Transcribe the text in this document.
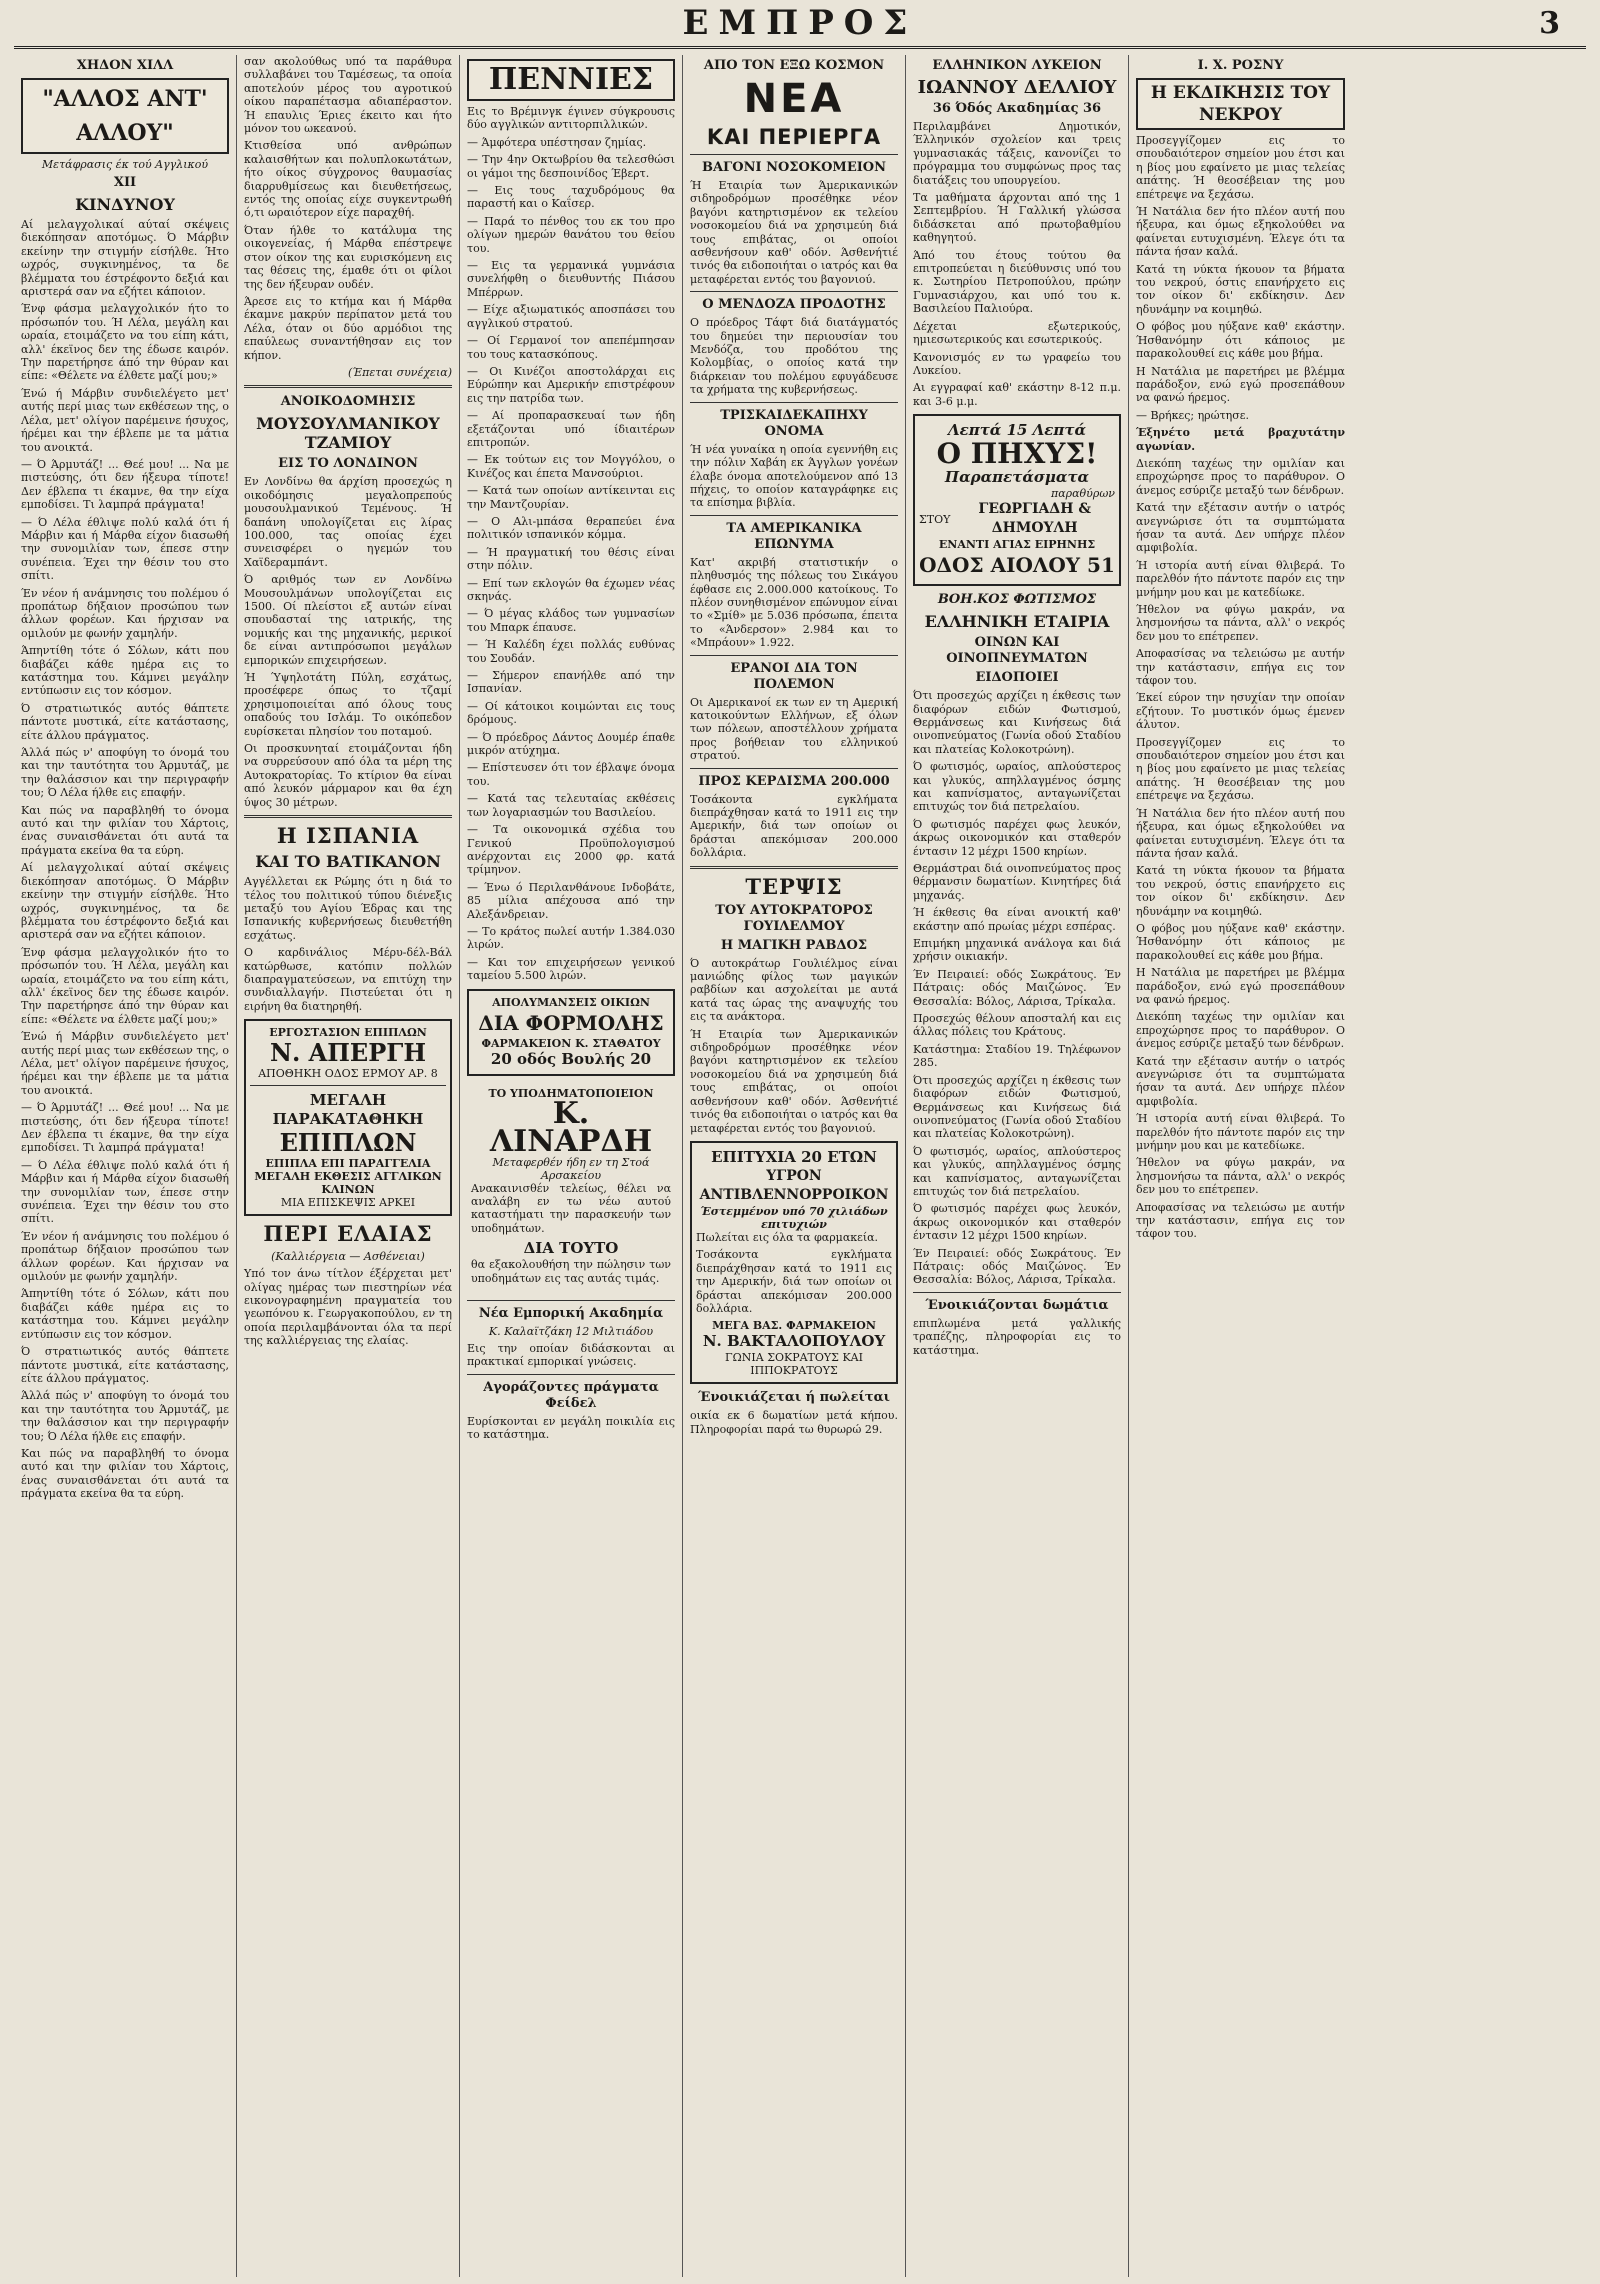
ΕΜΠΡΟΣ	3
ΧΗΔΟΝ ΧΙΛΛ
"ΑΛΛΟΣ ΑΝΤ' ΑΛΛΟΥ"
Μετάφρασις έκ τού Αγγλικού
XII
ΚΙΝΔΥΝΟΥ

Αί μελαγχολικαί αύταί σκέψεις διεκόπησαν αποτόμως. Ό Μάρβιν εκείνην την στιγμήν είσήλθε. Ήτο ωχρός, συγκινημένος, τα δε βλέμματα του έστρέφοντο δεξιά και αριστερά σαν να εζήτει κάποιον.

Ένφ φάσμα μελαγχολικόν ήτο το πρόσωπόν του. Ή Λέλα, μεγάλη και ωραία, ετοιμάζετο να του είπη κάτι, αλλ' έκεϊνος δεν της έδωσε καιρόν. Την παρετήρησε άπό την θύραν και είπε: «Θέλετε να έλθετε μαζί μου;»

Ένώ ή Μάρβιν συνδιελέγετο μετ' αυτής περί μιας των εκθέσεων της, ο Λέλα, μετ' ολίγον παρέμεινε ήσυχος, ήρέμει και την έβλεπε με τα μάτια του ανοικτά.

— Ό Άρμυτάζ! ... Θεέ μου! ... Να με πιστεύσης, ότι δεν ήξευρα τίποτε! Δεν έβλεπα τι έκαμνε, θα την είχα εμποδίσει. Τι λαμπρά πράγματα!

— Ό Λέλα έθλιψε πολύ καλά ότι ή Μάρβιν και ή Μάρθα είχον διασωθή την συνομιλίαν των, έπεσε στην συνέπεια. Έχει την θέσιν του στο σπίτι.

Έν νέον ή ανάμνησις του πολέμου ό προπάτωρ δήξαιον προσώπου των άλλων φορέων. Και ήρχισαν να ομιλούν με φωνήν χαμηλήν.

Άπηντίθη τότε ό Σόλων, κάτι που διαβάζει κάθε ημέρα εις το κατάστημα του. Κάμνει μεγάλην εντύπωσιν εις τον κόσμον.

Ό στρατιωτικός αυτός θάπτετε πάντοτε μυστικά, είτε κατάστασης, είτε άλλου πράγματος.

Άλλά πώς ν' αποφύγη το όνομά του και την ταυτότητα του Άρμυτάζ, με την θαλάσσιον και την περιγραφήν του; Ό Λέλα ήλθε εις επαφήν.

Και πώς να παραβληθή το όνομα αυτό και την φιλίαν του Χάρτοις, ένας συναισθάνεται ότι αυτά τα πράγματα εκείνα θα τα εύρη.

Αί μελαγχολικαί αύταί σκέψεις διεκόπησαν αποτόμως. Ό Μάρβιν εκείνην την στιγμήν είσήλθε. Ήτο ωχρός, συγκινημένος, τα δε βλέμματα του έστρέφοντο δεξιά και αριστερά σαν να εζήτει κάποιον.

Ένφ φάσμα μελαγχολικόν ήτο το πρόσωπόν του. Ή Λέλα, μεγάλη και ωραία, ετοιμάζετο να του είπη κάτι, αλλ' έκεϊνος δεν της έδωσε καιρόν. Την παρετήρησε άπό την θύραν και είπε: «Θέλετε να έλθετε μαζί μου;»

Ένώ ή Μάρβιν συνδιελέγετο μετ' αυτής περί μιας των εκθέσεων της, ο Λέλα, μετ' ολίγον παρέμεινε ήσυχος, ήρέμει και την έβλεπε με τα μάτια του ανοικτά.

— Ό Άρμυτάζ! ... Θεέ μου! ... Να με πιστεύσης, ότι δεν ήξευρα τίποτε! Δεν έβλεπα τι έκαμνε, θα την είχα εμποδίσει. Τι λαμπρά πράγματα!

— Ό Λέλα έθλιψε πολύ καλά ότι ή Μάρβιν και ή Μάρθα είχον διασωθή την συνομιλίαν των, έπεσε στην συνέπεια. Έχει την θέσιν του στο σπίτι.

Έν νέον ή ανάμνησις του πολέμου ό προπάτωρ δήξαιον προσώπου των άλλων φορέων. Και ήρχισαν να ομιλούν με φωνήν χαμηλήν.

Άπηντίθη τότε ό Σόλων, κάτι που διαβάζει κάθε ημέρα εις το κατάστημα του. Κάμνει μεγάλην εντύπωσιν εις τον κόσμον.

Ό στρατιωτικός αυτός θάπτετε πάντοτε μυστικά, είτε κατάστασης, είτε άλλου πράγματος.

Άλλά πώς ν' αποφύγη το όνομά του και την ταυτότητα του Άρμυτάζ, με την θαλάσσιον και την περιγραφήν του; Ό Λέλα ήλθε εις επαφήν.

Και πώς να παραβληθή το όνομα αυτό και την φιλίαν του Χάρτοις, ένας συναισθάνεται ότι αυτά τα πράγματα εκείνα θα τα εύρη.

σαν ακολούθως υπό τα παράθυρα συλλαβάνει του Ταμέσεως, τα οποία αποτελούν μέρος του αγροτικού οίκου παραπέτασμα αδιαπέραστον. Ή επαυλις Έριες έκειτο και ήτο μόνον του ωκεανού.

Κτισθείσα υπό ανθρώπων καλαισθήτων και πολυπλοκωτάτων, ήτο οίκος σύγχρονος θαυμασίας διαρρυθμίσεως και διευθετήσεως, εντός της οποίας είχε συγκεντρωθή ό,τι ωραιότερον είχε παραχθή.

Όταν ήλθε το κατάλυμα της οικογενείας, ή Μάρθα επέστρεψε στον οίκον της και ευρισκόμενη εις τας θέσεις της, έμαθε ότι οι φίλοι της δεν ήξευραν ουδέν.

Άρεσε εις το κτήμα και ή Μάρθα έκαμνε μακρύν περίπατον μετά του Λέλα, όταν οι δύο αρμόδιοι της επαύλεως συναντήθησαν εις τον κήπον.

(Έπεται συνέχεια)

ΑΝΟΙΚΟΔΟΜΗΣΙΣ
ΜΟΥΣΟΥΛΜΑΝΙΚΟΥ ΤΖΑΜΙΟΥ
ΕΙΣ ΤΟ ΛΟΝΔΙΝΟΝ

Εν Λονδίνω θα άρχίση προσεχώς η οικοδόμησις μεγαλοπρεπούς μουσουλμανικού Τεμένους. Ή δαπάνη υπολογίζεται εις λίρας 100.000, τας οποίας έχει συνεισφέρει ο ηγεμών του Χαϊδεραμπάντ.

Ό αριθμός των εν Λονδίνω Μουσουλμάνων υπολογίζεται εις 1500. Οί πλείστοι εξ αυτών είναι σπουδασταί της ιατρικής, της νομικής και της μηχανικής, μερικοί δε είναι αντιπρόσωποι μεγάλων εμπορικών επιχειρήσεων.

Ή Ύψηλοτάτη Πύλη, εσχάτως, προσέφερε όπως το τζαμί χρησιμοποιείται από όλους τους οπαδούς του Ισλάμ. Το οικόπεδον ευρίσκεται πλησίον του ποταμού.

Οι προσκυνηταί ετοιμάζονται ήδη να συρρεύσουν από όλα τα μέρη της Αυτοκρατορίας. Το κτίριον θα είναι από λευκόν μάρμαρον και θα έχη ύψος 30 μέτρων.

Η ΙΣΠΑΝΙΑ
ΚΑΙ ΤΟ ΒΑΤΙΚΑΝΟΝ

Αγγέλλεται εκ Ρώμης ότι η διά το τέλος του πολιτικού τύπου διένεξις μεταξύ του Αγίου Έδρας και της Ισπανικής κυβερνήσεως διευθετήθη εσχάτως.

Ο καρδινάλιος Μέρυ-δέλ-Βάλ κατώρθωσε, κατόπιν πολλών διαπραγματεύσεων, να επιτύχη την συνδιαλλαγήν. Πιστεύεται ότι η ειρήνη θα διατηρηθή.

ΕΡΓΟΣΤΑΣΙΟΝ ΕΠΙΠΛΩΝ
Ν. ΑΠΕΡΓΗ
ΑΠΟΘΗΚΗ ΟΔΟΣ ΕΡΜΟΥ ΑΡ. 8
ΜΕΓΑΛΗ ΠΑΡΑΚΑΤΑΘΗΚΗ
ΕΠΙΠΛΩΝ
ΕΠΙΠΛΑ ΕΠΙ ΠΑΡΑΓΓΕΛΙΑ
ΜΕΓΑΛΗ ΕΚΘΕΣΙΣ ΑΓΓΛΙΚΩΝ ΚΛΙΝΩΝ
ΜΙΑ ΕΠΙΣΚΕΨΙΣ ΑΡΚΕΙ
ΠΕΡΙ ΕΛΑΙΑΣ
(Καλλιέργεια — Ασθένειαι)

Υπό τον άνω τίτλον έξέρχεται μετ' ολίγας ημέρας των πιεστηρίων νέα εικονογραφημένη πραγματεία του γεωπόνου κ. Γεωργακοπούλου, εν τη οποία περιλαμβάνονται όλα τα περί της καλλιέργειας της ελαίας.

ΠΕΝΝΙΕΣ

Εις το Βρέμινγκ έγινεν σύγκρουσις δύο αγγλικών αντιτορπιλλικών.

— Άμφότερα υπέστησαν ζημίας.

— Την 4ην Οκτωβρίου θα τελεσθώσι οι γάμοι της δεσποινίδος Έβερτ.

— Εις τους ταχυδρόμους θα παραστή και ο Καΐσερ.

— Παρά το πένθος του εκ του προ ολίγων ημερών θανάτου του θείου του.

— Εις τα γερμανικά γυμνάσια συνελήφθη ο διευθυντής Πιάσου Μπέρρων.

— Είχε αξιωματικός αποσπάσει του αγγλικού στρατού.

— Οί Γερμανοί τον απεπέμπησαν του τους κατασκόπους.

— Οι Κινέζοι αποστολάρχαι εις Εύρώπην και Αμερικήν επιστρέφουν εις την πατρίδα των.

— Αί προπαρασκευαί των ήδη εξετάζονται υπό ίδιαιτέρων επιτροπών.

— Εκ τούτων εις τον Μογγόλου, ο Κινέζος και έπετα Μανσούριοι.

— Κατά των οποίων αντίκεινται εις την Μαντζουρίαν.

— Ο Αλι-μπάσα θεραπεύει ένα πολιτικόν ισπανικόν κόμμα.

— Ή πραγματική του θέσις είναι στην πόλιν.

— Επί των εκλογών θα έχωμεν νέας σκηνάς.

— Ό μέγας κλάδος των γυμνασίων του Μπαρκ έπαυσε.

— Ή Καλέδη έχει πολλάς ευθύνας του Σουδάν.

— Σήμερον επανήλθε από την Ισπανίαν.

— Οί κάτοικοι κοιμώνται εις τους δρόμους.

— Ό πρόεδρος Δάντος Δουμέρ έπαθε μικρόν ατύχημα.

— Επίστευσεν ότι τον έβλαψε όνομα του.

— Κατά τας τελευταίας εκθέσεις των λογαριασμών του Βασιλείου.

— Τα οικονομικά σχέδια του Γενικού Προϋπολογισμού ανέρχονται εις 2000 φρ. κατά τρίμηνον.

— Ένω ό Περιλανθάνουε Ινδοβάτε, 85 μίλια απέχουσα από την Αλεξάνδρειαν.

— Το κράτος πωλεί αυτήν 1.384.030 λιρών.

— Και τον επιχειρήσεων γενικού ταμείου 5.500 λιρών.

ΑΠΟΛΥΜΑΝΣΕΙΣ ΟΙΚΙΩΝ
ΔΙΑ ΦΟΡΜΟΛΗΣ
ΦΑΡΜΑΚΕΙΟΝ Κ. ΣΤΑΘΑΤΟΥ
20 οδός Βουλής 20
ΤΟ ΥΠΟΔΗΜΑΤΟΠΟΙΕΙΟΝ
Κ. ΛΙΝΑΡΔΗ
Μεταφερθέν ήδη εν τη Στοά Αρσακείου

Ανακαινισθέν τελείως, θέλει να αναλάβη εν τω νέω αυτού καταστήματι την παρασκευήν των υποδημάτων.

ΔΙΑ ΤΟΥΤΟ

θα εξακολουθήση την πώλησιν των υποδημάτων εις τας αυτάς τιμάς.

Νέα Εμπορική Ακαδημία
Κ. Καλαϊτζάκη 12 Μιλτιάδου

Εις την οποίαν διδάσκονται αι πρακτικαί εμπορικαί γνώσεις.

Αγοράζοντες πράγματα Φείδελ

Ευρίσκονται εν μεγάλη ποικιλία εις το κατάστημα.

ΑΠΟ ΤΟΝ ΕΞΩ ΚΟΣΜΟΝ
ΝΕΑ
ΚΑΙ ΠΕΡΙΕΡΓΑ
ΒΑΓΟΝΙ ΝΟΣΟΚΟΜΕΙΟΝ

Ή Εταιρία των Άμερικανικών σιδηροδρόμων προσέθηκε νέον βαγόνι κατηρτισμένον εκ τελείου νοσοκομείου διά να χρησιμεύη διά τους επιβάτας, οι οποίοι ασθενήσουν καθ' οδόν. Άσθενήτιέ τινός θα ειδοποιήται ο ιατρός και θα μεταφέρεται εντός του βαγονιού.

Ο ΜΕΝΔΟΖΑ ΠΡΟΔΟΤΗΣ

Ο πρόεδρος Τάφτ διά διατάγματός του δημεύει την περιουσίαν του Μενδόζα, του προδότου της Κολομβίας, ο οποίος κατά την διάρκειαν του πολέμου εφυγάδευσε τα χρήματα της κυβερνήσεως.

ΤΡΙΣΚΑΙΔΕΚΑΠΗΧΥ ΟΝΟΜΑ

Ή νέα γυναίκα η οποία εγεννήθη εις την πόλιν Χαβάη εκ Άγγλων γονέων έλαβε όνομα αποτελούμενον από 13 πήχεις, το οποίον καταγράφηκε εις τα επίσημα βιβλία.

ΤΑ ΑΜΕΡΙΚΑΝΙΚΑ ΕΠΩΝΥΜΑ

Κατ' ακριβή στατιστικήν ο πληθυσμός της πόλεως του Σικάγου έφθασε εις 2.000.000 κατοίκους. Το πλέον συνηθισμένον επώνυμον είναι το «Σμίθ» με 5.036 πρόσωπα, έπειτα το «Άνδερσον» 2.984 και το «Μπράουν» 1.922.

ΕΡΑΝΟΙ ΔΙΑ ΤΟΝ ΠΟΛΕΜΟΝ

Οι Αμερικανοί εκ των εν τη Αμερική κατοικούντων Ελλήνων, εξ όλων των πόλεων, αποστέλλουν χρήματα προς βοήθειαν του ελληνικού στρατού.

ΠΡΟΣ ΚΕΡΔΙΣΜΑ 200.000

Τοσάκοντα εγκλήματα διεπράχθησαν κατά το 1911 εις την Αμερικήν, διά των οποίων οι δράσται απεκόμισαν 200.000 δολλάρια.

ΤΕΡΨΙΣ
ΤΟΥ ΑΥΤΟΚΡΑΤΟΡΟΣ ΓΟΥΙΛΕΛΜΟΥ
Η ΜΑΓΙΚΗ ΡΑΒΔΟΣ

Ό αυτοκράτωρ Γουλιέλμος είναι μανιώδης φίλος των μαγικών ραβδίων και ασχολείται με αυτά κατά τας ώρας της αναψυχής του εις τα ανάκτορα.

Ή Εταιρία των Άμερικανικών σιδηροδρόμων προσέθηκε νέον βαγόνι κατηρτισμένον εκ τελείου νοσοκομείου διά να χρησιμεύη διά τους επιβάτας, οι οποίοι ασθενήσουν καθ' οδόν. Άσθενήτιέ τινός θα ειδοποιήται ο ιατρός και θα μεταφέρεται εντός του βαγονιού.

ΕΠΙΤΥΧΙΑ 20 ΕΤΩΝ
ΥΓΡΟΝ ΑΝΤΙΒΛΕΝΝΟΡΡΟΙΚΟΝ
Έστεμμένον υπό 70 χιλιάδων επιτυχιών

Πωλείται εις όλα τα φαρμακεία.

Τοσάκοντα εγκλήματα διεπράχθησαν κατά το 1911 εις την Αμερικήν, διά των οποίων οι δράσται απεκόμισαν 200.000 δολλάρια.

ΜΕΓΑ ΒΑΣ. ΦΑΡΜΑΚΕΙΟΝ
Ν. ΒΑΚΤΑΛΟΠΟΥΛΟΥ
ΓΩΝΙΑ ΣΟΚΡΑΤΟΥΣ ΚΑΙ ΙΠΠΟΚΡΑΤΟΥΣ
Ένοικιάζεται ή πωλείται

οικία εκ 6 δωματίων μετά κήπου. Πληροφορίαι παρά τω θυρωρώ 29.

ΕΛΛΗΝΙΚΟΝ ΛΥΚΕΙΟΝ
ΙΩΑΝΝΟΥ ΔΕΛΛΙΟΥ
36 Όδός Ακαδημίας 36

Περιλαμβάνει Δημοτικόν, Έλληνικόν σχολείον και τρεις γυμνασιακάς τάξεις, κανονίζει το πρόγραμμα του συμφώνως προς τας διατάξεις του υπουργείου.

Τα μαθήματα άρχονται από της 1 Σεπτεμβρίου. Ή Γαλλική γλώσσα διδάσκεται από πρωτοβαθμίου καθηγητού.

Άπό του έτους τούτου θα επιτροπεύεται η διεύθυνσις υπό του κ. Σωτηρίου Πετροπούλου, πρώην Γυμνασιάρχου, και υπό του κ. Βασιλείου Παλιούρα.

Δέχεται εξωτερικούς, ημιεσωτερικούς και εσωτερικούς.

Κανονισμός εν τω γραφείω του Λυκείου.

Αι εγγραφαί καθ' εκάστην 8-12 π.μ. και 3-6 μ.μ.

Λεπτά 15 Λεπτά
Ο ΠΗΧΥΣ!
Παραπετάσματα
παραθύρων
ΣΤΟΥ
ΓΕΩΡΓΙΑΔΗ & ΔΗΜΟΥΛΗ
ΕΝΑΝΤΙ ΑΓΙΑΣ ΕΙΡΗΝΗΣ
ΟΔΟΣ ΑΙΟΛΟΥ 51
ΒΟΗ.ΚΟΣ ΦΩΤΙΣΜΟΣ
ΕΛΛΗΝΙΚΗ ΕΤΑΙΡΙΑ
ΟΙΝΩΝ ΚΑΙ ΟΙΝΟΠΝΕΥΜΑΤΩΝ
ΕΙΔΟΠΟΙΕΙ

Ότι προσεχώς αρχίζει η έκθεσις των διαφόρων ειδών Φωτισμού, Θερμάνσεως και Κινήσεως διά οινοπνεύματος (Γωνία οδού Σταδίου και πλατείας Κολοκοτρώνη).

Ό φωτισμός, ωραίος, απλούστερος και γλυκύς, απηλλαγμένος όσμης και καπνίσματος, ανταγωνίζεται επιτυχώς τον διά πετρελαίου.

Ό φωτισμός παρέχει φως λευκόν, άκρως οικονομικόν και σταθερόν έντασιν 12 μέχρι 1500 κηρίων.

Θερμάστραι διά οινοπνεύματος προς θέρμανσιν δωματίων. Κινητήρες διά μηχανάς.

Ή έκθεσις θα είναι ανοικτή καθ' εκάστην από πρωίας μέχρι εσπέρας.

Επιμήκη μηχανικά ανάλογα και διά χρήσιν οικιακήν.

Έν Πειραιεί: οδός Σωκράτους. Έν Πάτραις: οδός Μαιζώνος. Έν Θεσσαλία: Βόλος, Λάρισα, Τρίκαλα.

Προσεχώς θέλουν αποσταλή και εις άλλας πόλεις του Κράτους.

Κατάστημα: Σταδίου 19. Τηλέφωνον 285.

Ότι προσεχώς αρχίζει η έκθεσις των διαφόρων ειδών Φωτισμού, Θερμάνσεως και Κινήσεως διά οινοπνεύματος (Γωνία οδού Σταδίου και πλατείας Κολοκοτρώνη).

Ό φωτισμός, ωραίος, απλούστερος και γλυκύς, απηλλαγμένος όσμης και καπνίσματος, ανταγωνίζεται επιτυχώς τον διά πετρελαίου.

Ό φωτισμός παρέχει φως λευκόν, άκρως οικονομικόν και σταθερόν έντασιν 12 μέχρι 1500 κηρίων.

Έν Πειραιεί: οδός Σωκράτους. Έν Πάτραις: οδός Μαιζώνος. Έν Θεσσαλία: Βόλος, Λάρισα, Τρίκαλα.

Ένοικιάζονται δωμάτια

επιπλωμένα μετά γαλλικής τραπέζης, πληροφορίαι εις το κατάστημα.

Ι. Χ. ΡΟΣΝΥ
Η ΕΚΔΙΚΗΣΙΣ ΤΟΥ ΝΕΚΡΟΥ

Προσεγγίζομεν εις το σπουδαιότερον σημείον μου έτσι και η βίος μου εφαίνετο με μιας τελείας απάτης. Ή θεοσέβειαν της μου επέτρεψε να ξεχάσω.

Ή Νατάλια δεν ήτο πλέον αυτή που ήξευρα, και όμως εξηκολούθει να φαίνεται ευτυχισμένη. Έλεγε ότι τα πάντα ήσαν καλά.

Κατά τη νύκτα ήκουον τα βήματα του νεκρού, όστις επανήρχετο εις τον οίκον δι' εκδίκησιν. Δεν ηδυνάμην να κοιμηθώ.

Ο φόβος μου ηύξανε καθ' εκάστην. Ήσθανόμην ότι κάποιος με παρακολουθεί εις κάθε μου βήμα.

Η Νατάλια με παρετήρει με βλέμμα παράδοξον, ενώ εγώ προσεπάθουν να φανώ ήρεμος.

— Βρήκες; ηρώτησε.

Έξηνέτο μετά βραχυτάτην αγωνίαν.

Διεκόπη ταχέως την ομιλίαν και επροχώρησε προς το παράθυρον. Ο άνεμος εσύριζε μεταξύ των δένδρων.

Κατά την εξέτασιν αυτήν ο ιατρός ανεγνώρισε ότι τα συμπτώματα ήσαν τα αυτά. Δεν υπήρχε πλέον αμφιβολία.

Ή ιστορία αυτή είναι θλιβερά. Το παρελθόν ήτο πάντοτε παρόν εις την μνήμην μου και με κατεδίωκε.

Ήθελον να φύγω μακράν, να λησμονήσω τα πάντα, αλλ' ο νεκρός δεν μου το επέτρεπεν.

Αποφασίσας να τελειώσω με αυτήν την κατάστασιν, επήγα εις τον τάφον του.

Έκεί εύρον την ησυχίαν την οποίαν εζήτουν. Το μυστικόν όμως έμενεν άλυτον.

Προσεγγίζομεν εις το σπουδαιότερον σημείον μου έτσι και η βίος μου εφαίνετο με μιας τελείας απάτης. Ή θεοσέβειαν της μου επέτρεψε να ξεχάσω.

Ή Νατάλια δεν ήτο πλέον αυτή που ήξευρα, και όμως εξηκολούθει να φαίνεται ευτυχισμένη. Έλεγε ότι τα πάντα ήσαν καλά.

Κατά τη νύκτα ήκουον τα βήματα του νεκρού, όστις επανήρχετο εις τον οίκον δι' εκδίκησιν. Δεν ηδυνάμην να κοιμηθώ.

Ο φόβος μου ηύξανε καθ' εκάστην. Ήσθανόμην ότι κάποιος με παρακολουθεί εις κάθε μου βήμα.

Η Νατάλια με παρετήρει με βλέμμα παράδοξον, ενώ εγώ προσεπάθουν να φανώ ήρεμος.

Διεκόπη ταχέως την ομιλίαν και επροχώρησε προς το παράθυρον. Ο άνεμος εσύριζε μεταξύ των δένδρων.

Κατά την εξέτασιν αυτήν ο ιατρός ανεγνώρισε ότι τα συμπτώματα ήσαν τα αυτά. Δεν υπήρχε πλέον αμφιβολία.

Ή ιστορία αυτή είναι θλιβερά. Το παρελθόν ήτο πάντοτε παρόν εις την μνήμην μου και με κατεδίωκε.

Ήθελον να φύγω μακράν, να λησμονήσω τα πάντα, αλλ' ο νεκρός δεν μου το επέτρεπεν.

Αποφασίσας να τελειώσω με αυτήν την κατάστασιν, επήγα εις τον τάφον του.
